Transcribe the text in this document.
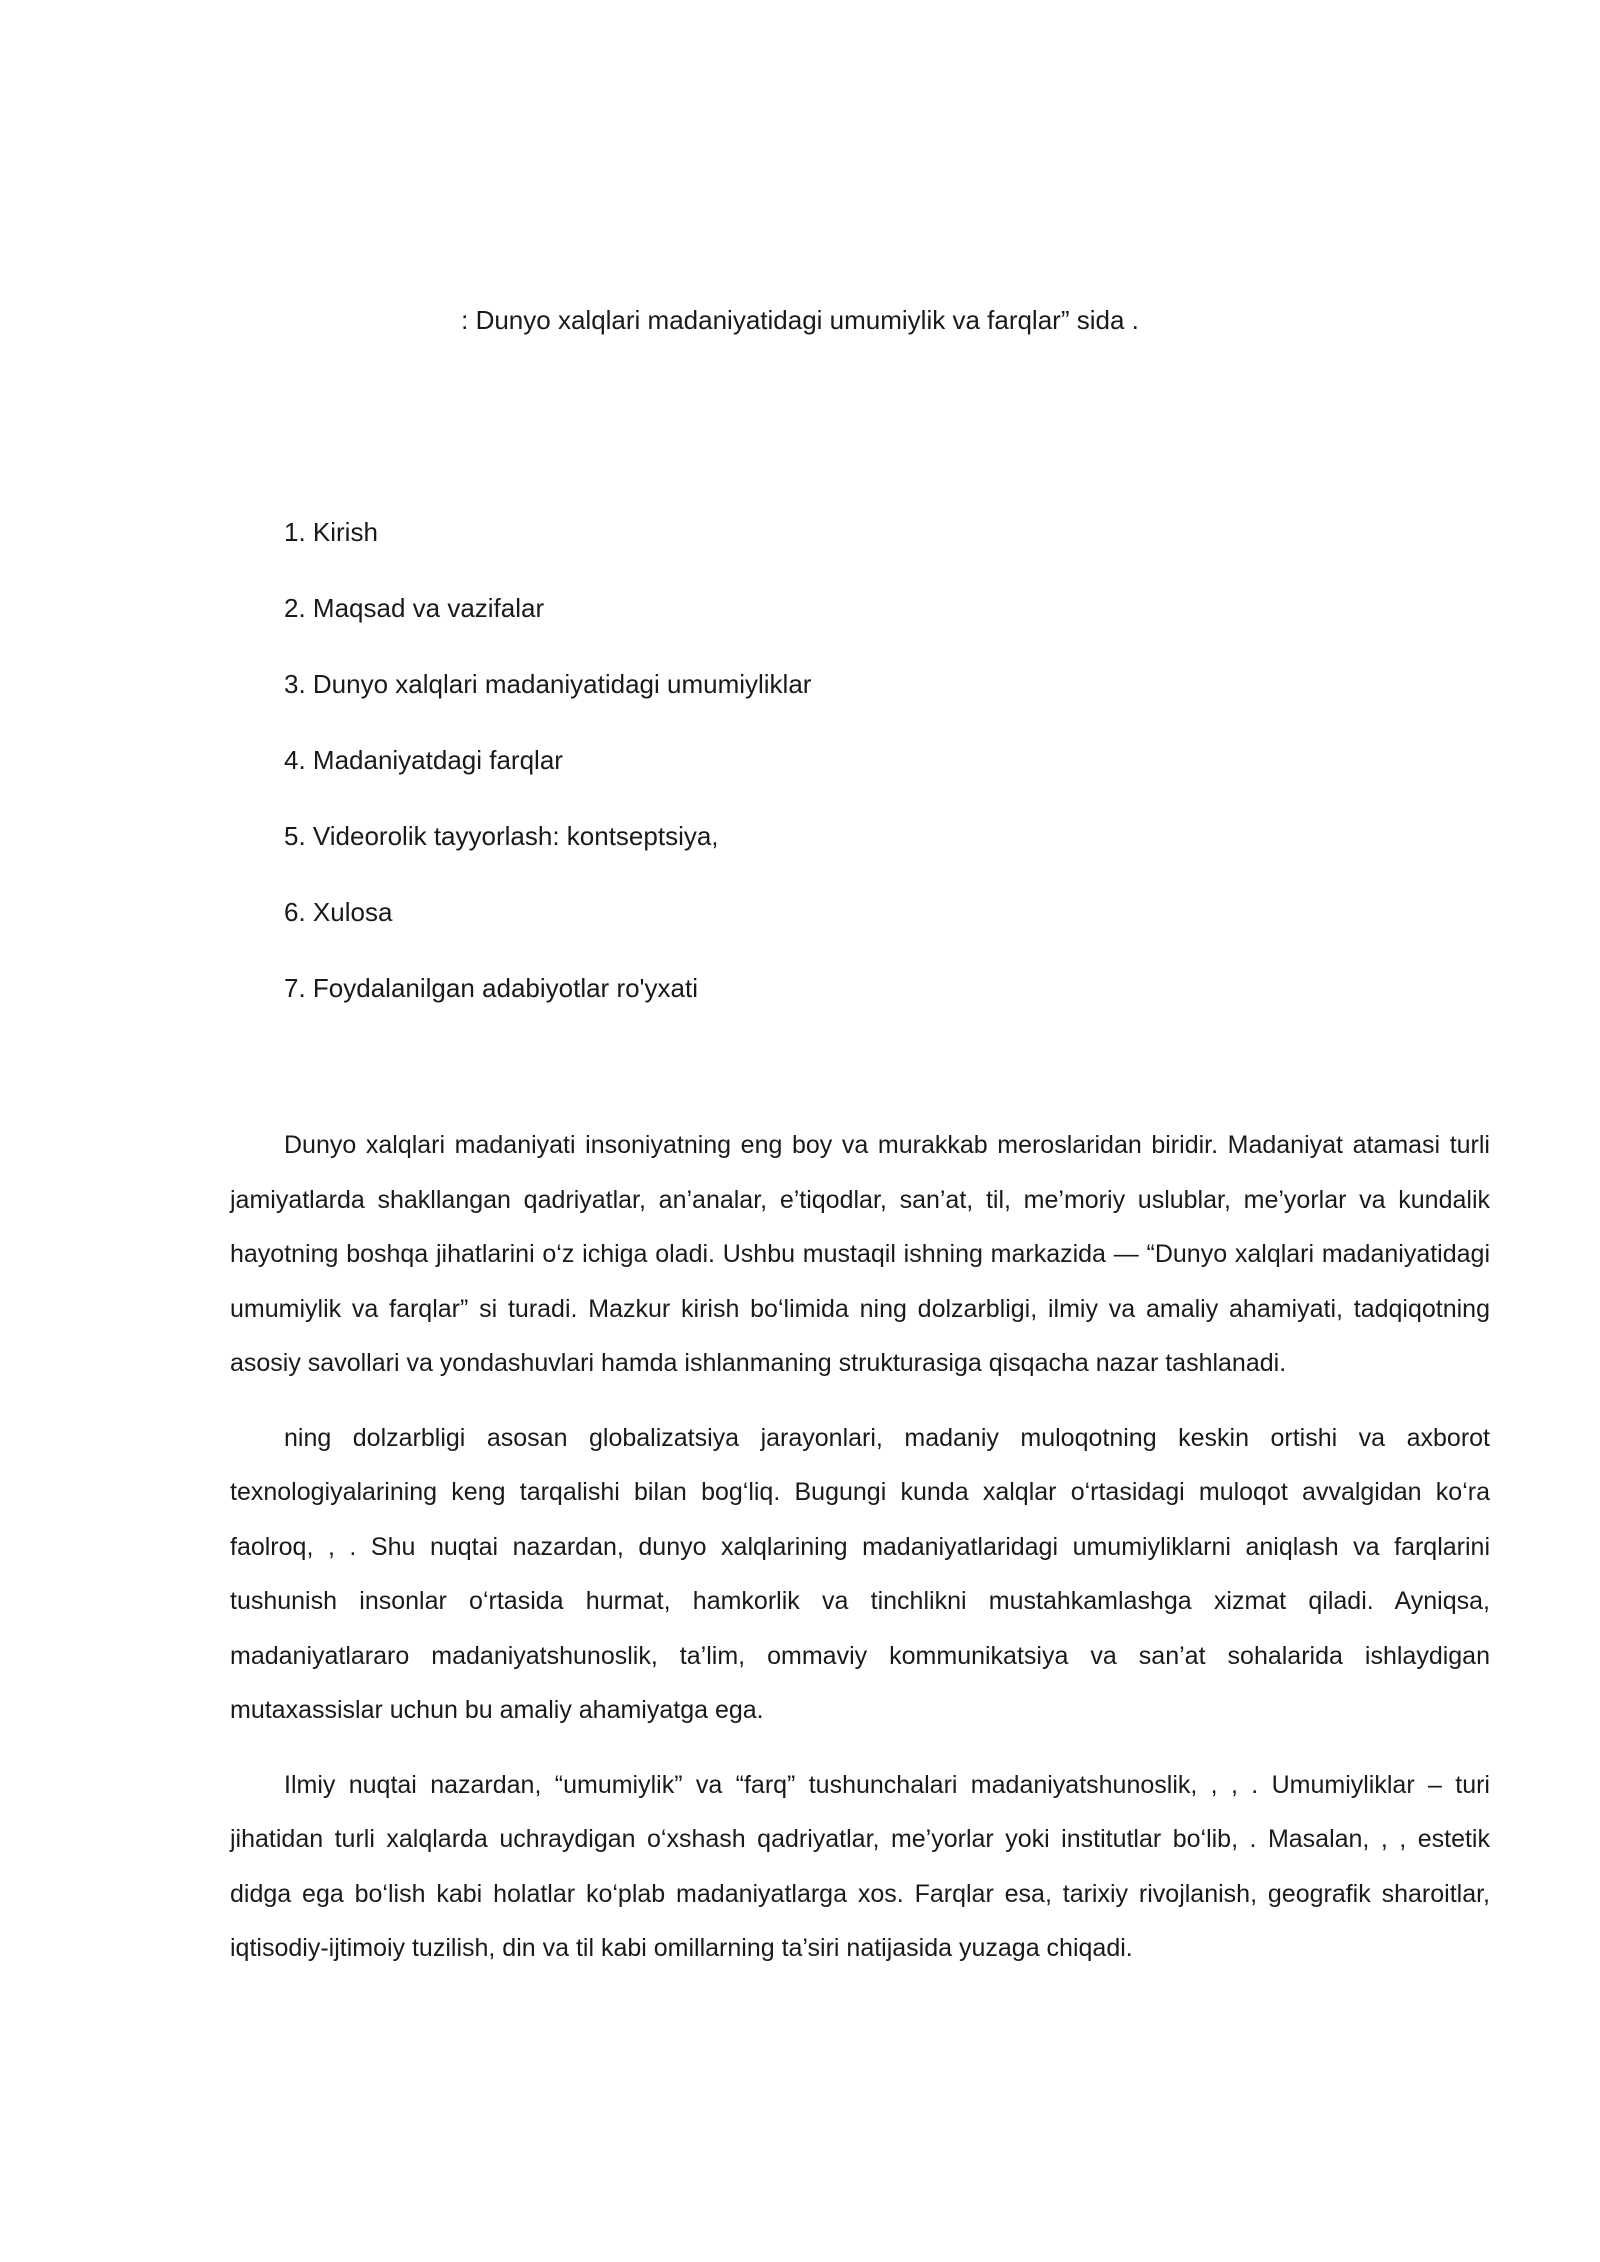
: Dunyo xalqlari madaniyatidagi umumiylik va farqlar” sida .
1. Kirish
2. Maqsad va vazifalar
3. Dunyo xalqlari madaniyatidagi umumiyliklar
4. Madaniyatdagi farqlar
5. Videorolik tayyorlash: kontseptsiya,
6. Xulosa
7. Foydalanilgan adabiyotlar ro'yxati

Dunyo xalqlari madaniyati insoniyatning eng boy va murakkab meroslaridan biridir. Madaniyat atamasi turli jamiyatlarda shakllangan qadriyatlar, an’analar, e’tiqodlar, san’at, til, me’moriy uslublar, me’yorlar va kundalik hayotning boshqa jihatlarini o‘z ichiga oladi. Ushbu mustaqil ishning markazida — “Dunyo xalqlari madaniyatidagi umumiylik va farqlar” si turadi. Mazkur kirish bo‘limida ning dolzarbligi, ilmiy va amaliy ahamiyati, tadqiqotning asosiy savollari va yondashuvlari hamda ishlanmaning strukturasiga qisqacha nazar tashlanadi.

ning dolzarbligi asosan globalizatsiya jarayonlari, madaniy muloqotning keskin ortishi va axborot texnologiyalarining keng tarqalishi bilan bog‘liq. Bugungi kunda xalqlar o‘rtasidagi muloqot avvalgidan ko‘ra faolroq, , . Shu nuqtai nazardan, dunyo xalqlarining madaniyatlaridagi umumiyliklarni aniqlash va farqlarini tushunish insonlar o‘rtasida hurmat, hamkorlik va tinchlikni mustahkamlashga xizmat qiladi. Ayniqsa, madaniyatlararo madaniyatshunoslik, ta’lim, ommaviy kommunikatsiya va san’at sohalarida ishlaydigan mutaxassislar uchun bu amaliy ahamiyatga ega.

Ilmiy nuqtai nazardan, “umumiylik” va “farq” tushunchalari madaniyatshunoslik, , , . Umumiyliklar – turi jihatidan turli xalqlarda uchraydigan o‘xshash qadriyatlar, me’yorlar yoki institutlar bo‘lib, . Masalan, , , estetik didga ega bo‘lish kabi holatlar ko‘plab madaniyatlarga xos. Farqlar esa, tarixiy rivojlanish, geografik sharoitlar, iqtisodiy-ijtimoiy tuzilish, din va til kabi omillarning ta’siri natijasida yuzaga chiqadi.
